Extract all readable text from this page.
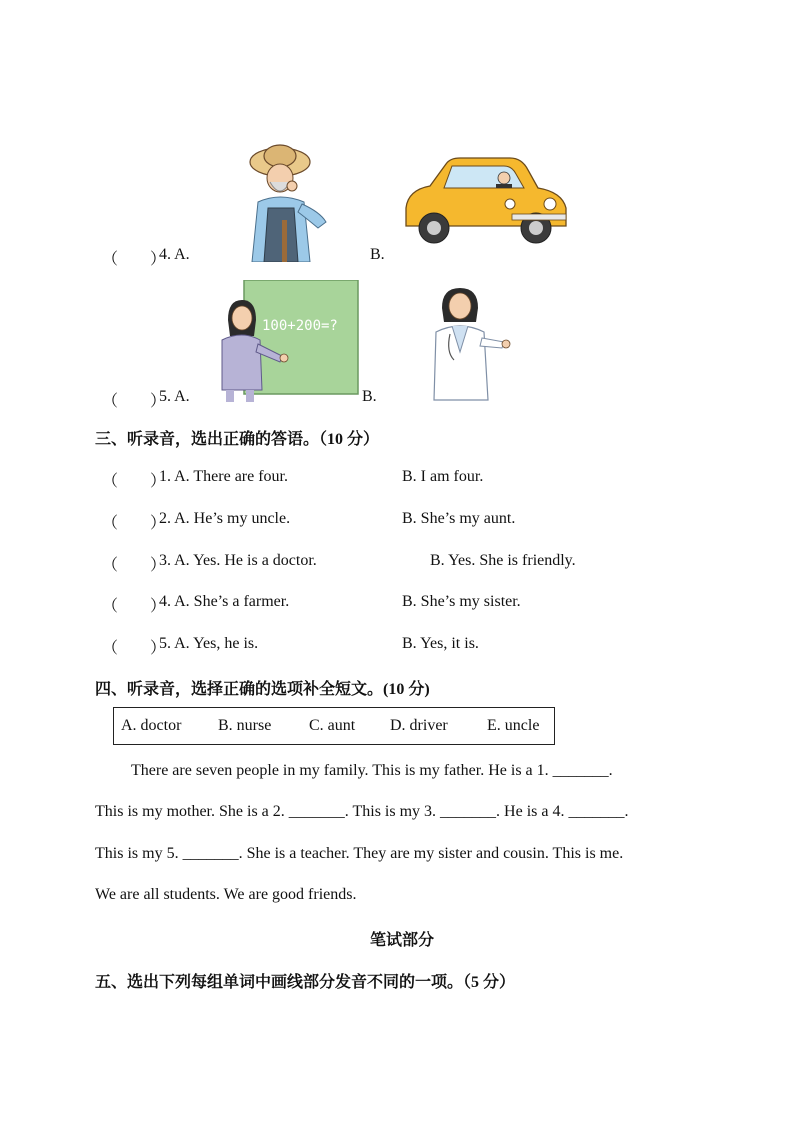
（　　）
4. A.	B.
（　　）
5. A.
100+200=?
B.
三、听录音，选出正确的答语。（10 分）
（　　）
1. A. There are four.	B. I am four.
（　　）
2. A. He’s my uncle.	B. She’s my aunt.
（　　）
3. A. Yes. He is a doctor.	B. Yes. She is friendly.
（　　）
4. A. She’s a farmer.	B. She’s my sister.
（　　）
5. A. Yes, he is.	B. Yes, it is.
四、听录音，选择正确的选项补全短文。(10 分)
A. doctor B. nurse C. aunt D. driver E. uncle
There are seven people in my family. This is my father. He is a 1. _______.
This is my mother. She is a 2. _______. This is my 3. _______. He is a 4. _______.
This is my 5. _______. She is a teacher. They are my sister and cousin. This is me.
We are all students. We are good friends.
笔试部分
五、选出下列每组单词中画线部分发音不同的一项。（5 分）
